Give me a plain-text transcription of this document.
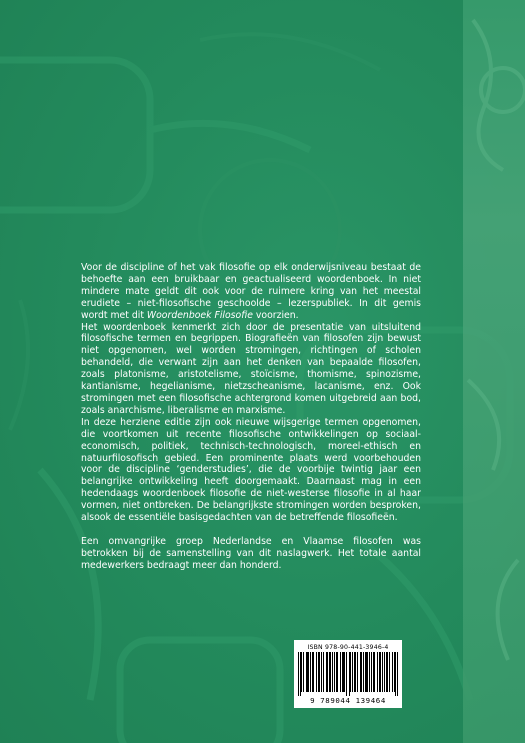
Voor de discipline of het vak filosofie op elk onderwijsniveau bestaat de behoefte aan een bruikbaar en geactualiseerd woordenboek. In niet mindere mate geldt dit ook voor de ruimere kring van het meestal erudiete – niet-filosofische geschoolde – lezerspubliek. In dit gemis wordt met dit Woordenboek Filosofie voorzien.

Het woordenboek kenmerkt zich door de presentatie van uitsluitend filosofische termen en begrippen. Biografieën van filosofen zijn bewust niet opgenomen, wel worden stromingen, richtingen of scholen behandeld, die verwant zijn aan het denken van bepaalde filosofen, zoals platonisme, aristotelisme, stoïcisme, thomisme, spinozisme, kantianisme, hegelianisme, nietzscheanisme, lacanisme, enz. Ook stromingen met een filosofische achtergrond komen uitgebreid aan bod, zoals anarchisme, liberalisme en marxisme.

In deze herziene editie zijn ook nieuwe wijsgerige termen opgenomen, die voortkomen uit recente filosofische ontwikkelingen op sociaal-economisch, politiek, technisch-technologisch, moreel-ethisch en natuurfilosofisch gebied. Een prominente plaats werd voorbehouden voor de discipline ‘genderstudies’, die de voorbije twintig jaar een belangrijke ontwikkeling heeft doorgemaakt. Daarnaast mag in een hedendaags woordenboek filosofie de niet-westerse filosofie in al haar vormen, niet ontbreken. De belangrijkste stromingen worden besproken, alsook de essentiële basisgedachten van de betreffende filosofieën.

Een omvangrijke groep Nederlandse en Vlaamse filosofen was betrokken bij de samenstelling van dit naslagwerk. Het totale aantal medewerkers bedraagt meer dan honderd.

ISBN 978-90-441-3946-4
9 789044 139464
